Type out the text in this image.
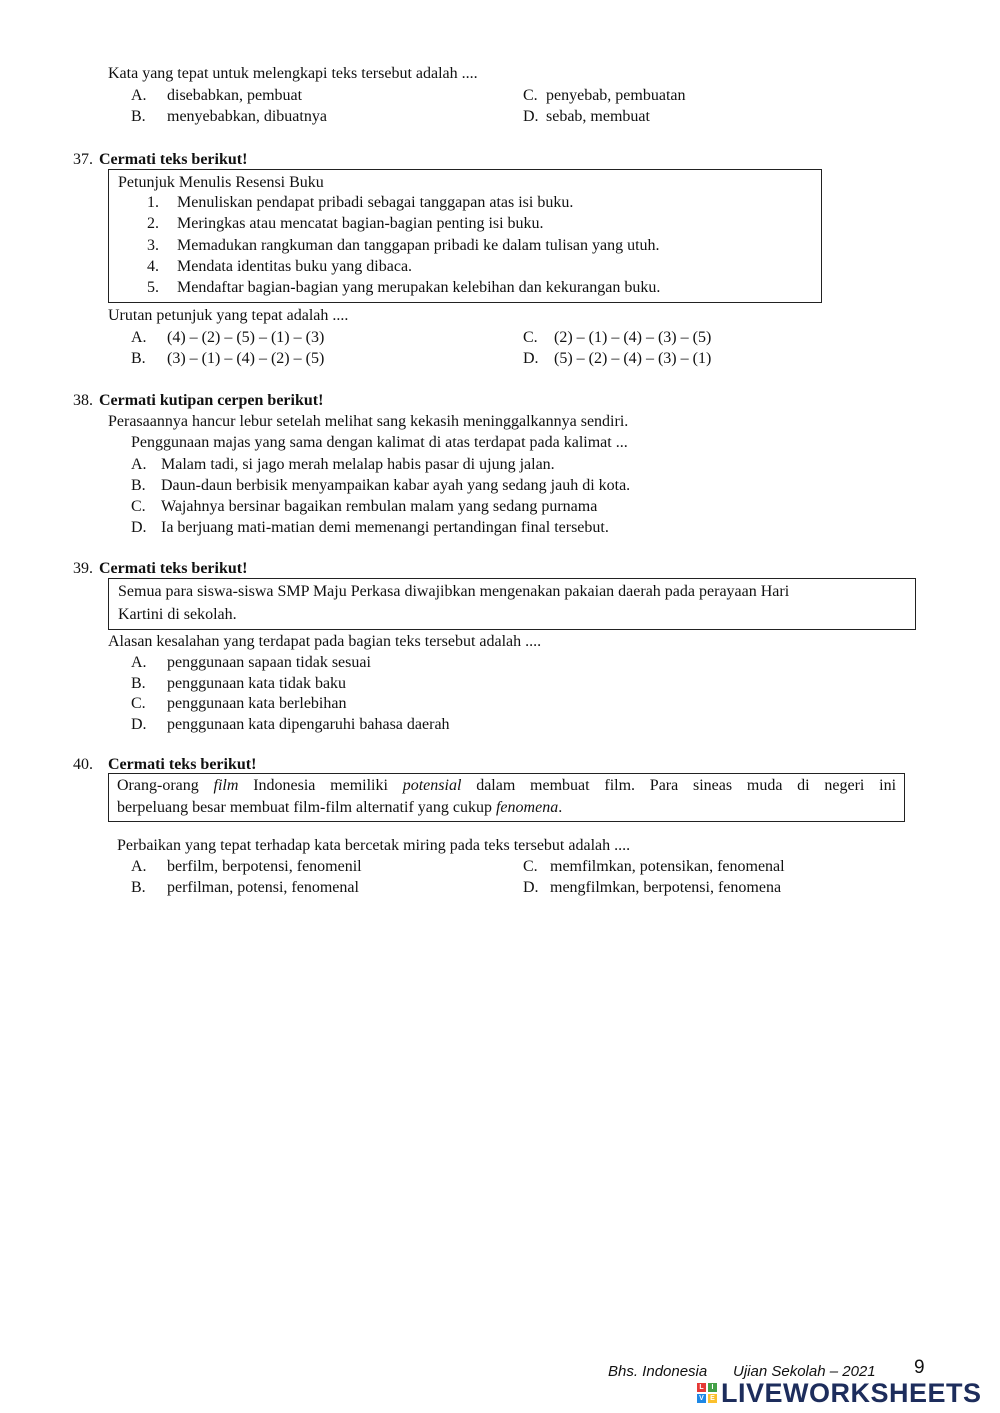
Kata yang tepat untuk melengkapi teks tersebut adalah ....
A. disebabkan, pembuat
B. menyebabkan, dibuatnya
C. penyebab, pembuatan
D. sebab, membuat
37. Cermati teks berikut!
Petunjuk Menulis Resensi Buku
1. Menuliskan pendapat pribadi sebagai tanggapan atas isi buku.
2. Meringkas atau mencatat bagian-bagian penting isi buku.
3. Memadukan rangkuman dan tanggapan pribadi ke dalam tulisan yang utuh.
4. Mendata identitas buku yang dibaca.
5. Mendaftar bagian-bagian yang merupakan kelebihan dan kekurangan buku.
Urutan petunjuk yang tepat adalah ....
A. (4) – (2) – (5) – (1) – (3)
B. (3) – (1) – (4) – (2) – (5)
C. (2) – (1) – (4) – (3) – (5)
D. (5) – (2) – (4) – (3) – (1)
38. Cermati kutipan cerpen berikut!
Perasaannya hancur lebur setelah melihat sang kekasih meninggalkannya sendiri.
Penggunaan majas yang sama dengan kalimat di atas terdapat pada kalimat ...
A. Malam tadi, si jago merah melalap habis pasar di ujung jalan.
B. Daun-daun berbisik menyampaikan kabar ayah yang sedang jauh di kota.
C. Wajahnya bersinar bagaikan rembulan malam yang sedang purnama
D. Ia berjuang mati-matian demi memenangi pertandingan final tersebut.
39. Cermati teks berikut!
Semua para siswa-siswa SMP Maju Perkasa diwajibkan mengenakan pakaian daerah pada perayaan Hari
Kartini di sekolah.
Alasan kesalahan yang terdapat pada bagian teks tersebut adalah ....
A. penggunaan sapaan tidak sesuai
B. penggunaan kata tidak baku
C. penggunaan kata berlebihan
D. penggunaan kata dipengaruhi bahasa daerah
40. Cermati teks berikut!
Orang-orang film Indonesia memiliki potensial dalam membuat film. Para sineas muda di negeri ini
berpeluang besar membuat film-film alternatif yang cukup fenomena.
Perbaikan yang tepat terhadap kata bercetak miring pada teks tersebut adalah ....
A. berfilm, berpotensi, fenomenil
B. perfilman, potensi, fenomenal
C. memfilmkan, potensikan, fenomenal
D. mengfilmkan, berpotensi, fenomena
Bhs. Indonesia Ujian Sekolah – 2021 9
L	I
V E LIVEWORKSHEETS
